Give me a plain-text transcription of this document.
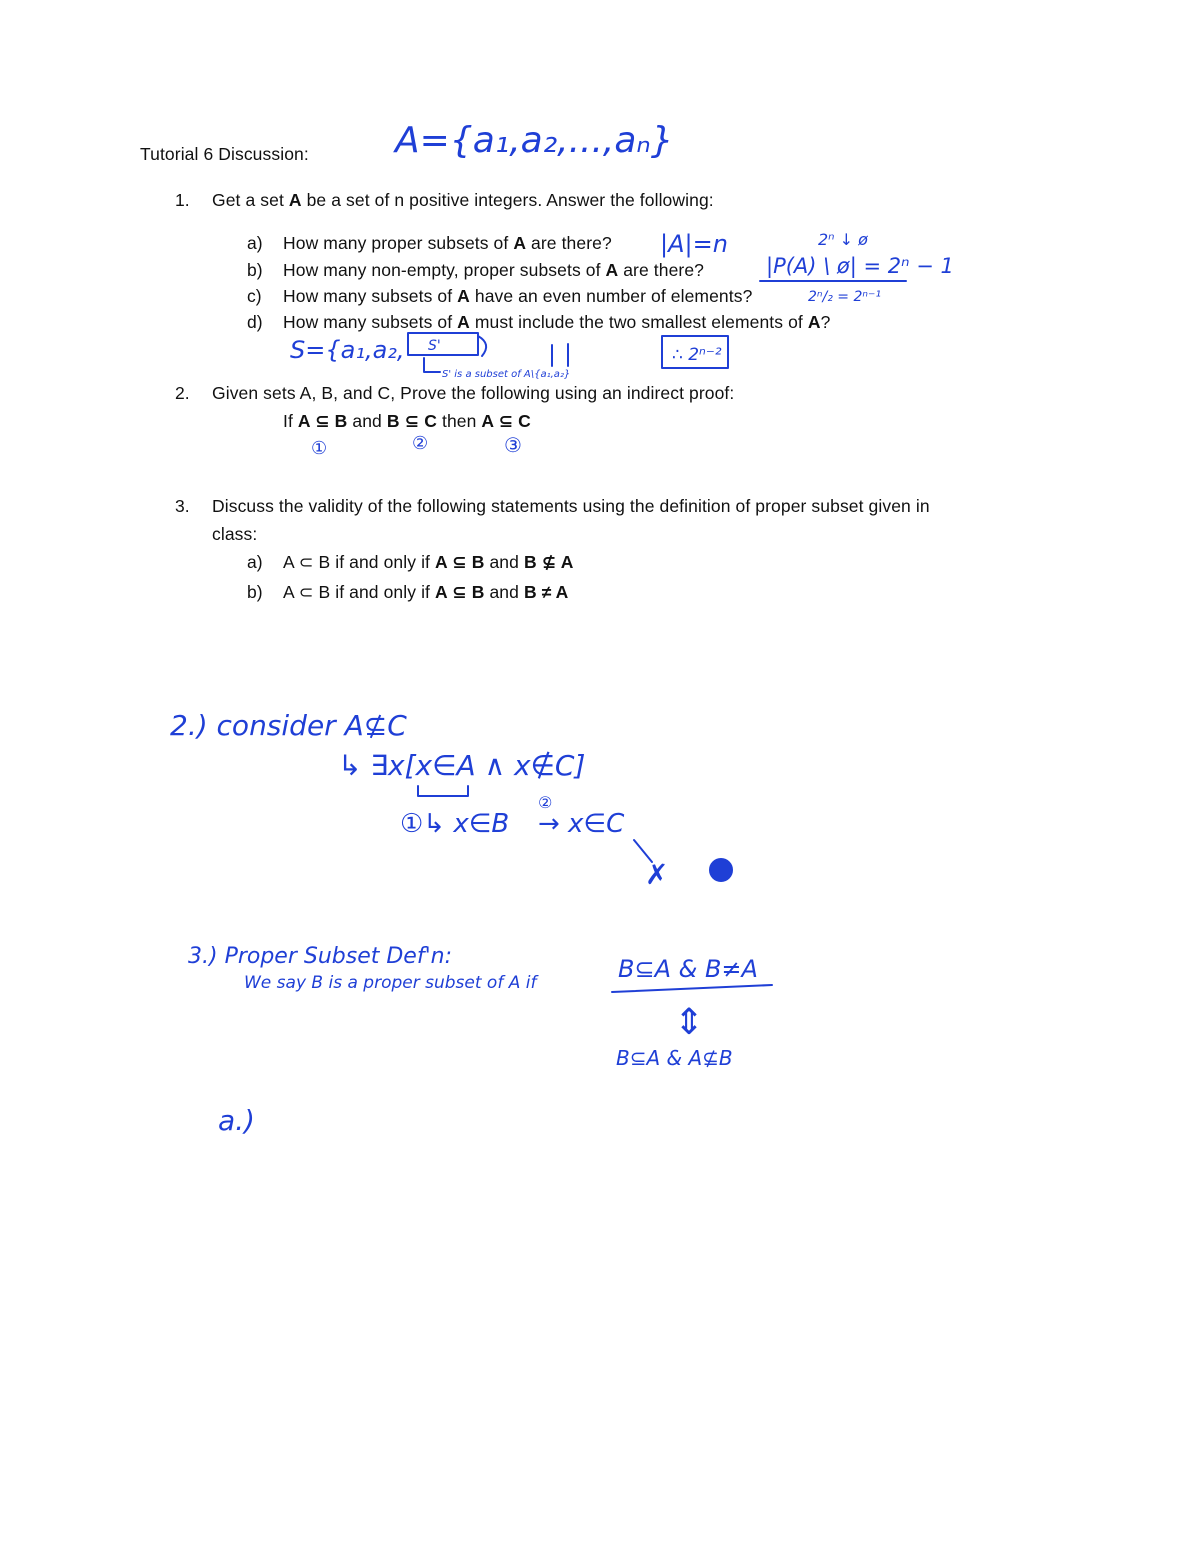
Tutorial 6 Discussion:
1. Get a set A be a set of n positive integers. Answer the following:
a) How many proper subsets of A are there?
b) How many non-empty, proper subsets of A are there?
c) How many subsets of A have an even number of elements?
d) How many subsets of A must include the two smallest elements of A?
2. Given sets A, B, and C, Prove the following using an indirect proof:
If A ⊆ B and B ⊆ C then A ⊆ C
3. Discuss the validity of the following statements using the definition of proper subset given in
class:
a) A ⊂ B if and only if A ⊆ B and B ⊈ A
b) A ⊂ B if and only if A ⊆ B and B ≠ A
A={a₁,a₂,...,aₙ}
|A|=n	2ⁿ ↓ ø
|P(A) \ ø| = 2ⁿ − 1
2ⁿ/₂ = 2ⁿ⁻¹
S={a₁,a₂, S'
S' is a subset of A\{a₁,a₂}
∴ 2ⁿ⁻²
①	②	③
2.) consider A⊈C
↳ ∃x[x∈A ∧ x∉C]
②
①↳ x∈B → x∈C
✗
3.) Proper Subset Def'n:
We say B is a proper subset of A if	B⊆A & B≠A
⇕
B⊆A & A⊈B
a.)
